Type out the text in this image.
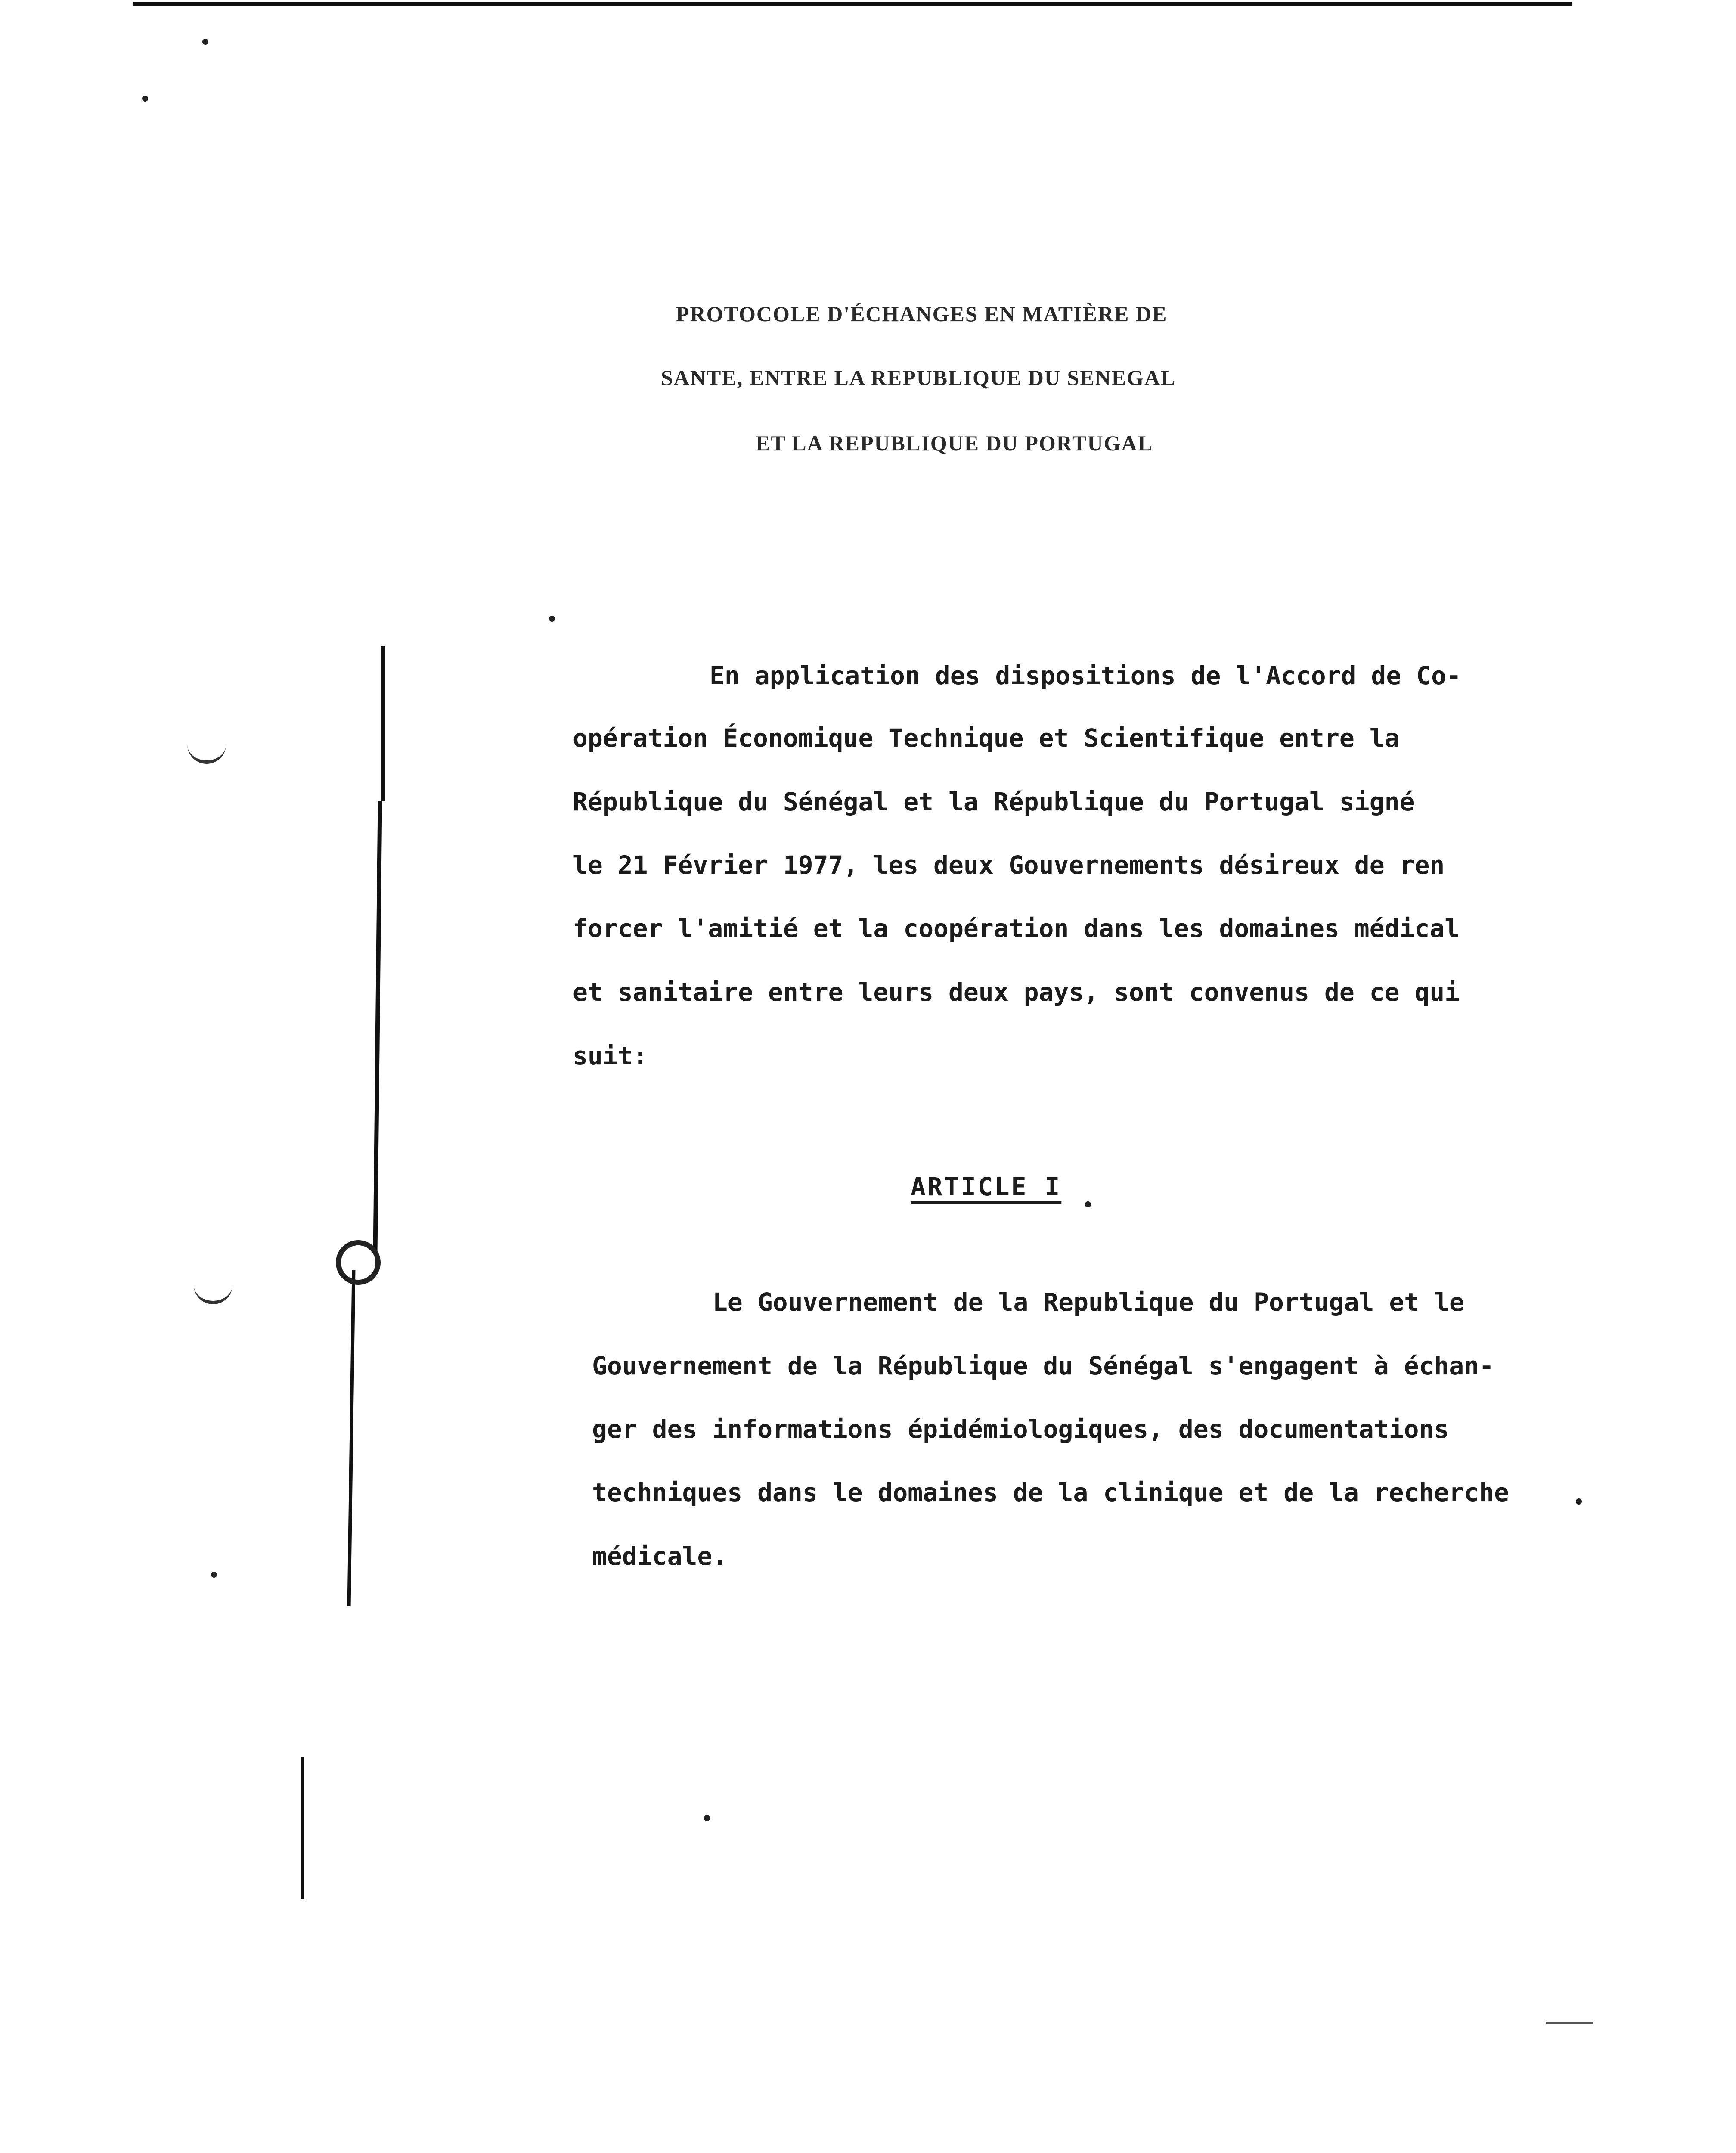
PROTOCOLE D'ÉCHANGES EN MATIÈRE DE
SANTE, ENTRE LA REPUBLIQUE DU SENEGAL
ET LA REPUBLIQUE DU PORTUGAL
En application des dispositions de l'Accord de Co-
opération Économique Technique et Scientifique entre la
République du Sénégal et la République du Portugal signé
le 21 Février 1977, les deux Gouvernements désireux de ren
forcer l'amitié et la coopération dans les domaines médical
et sanitaire entre leurs deux pays, sont convenus de ce qui
suit:
ARTICLE I
Le Gouvernement de la Republique du Portugal et le
Gouvernement de la République du Sénégal s'engagent à échan-
ger des informations épidémiologiques, des documentations
techniques dans le domaines de la clinique et de la recherche
médicale.
